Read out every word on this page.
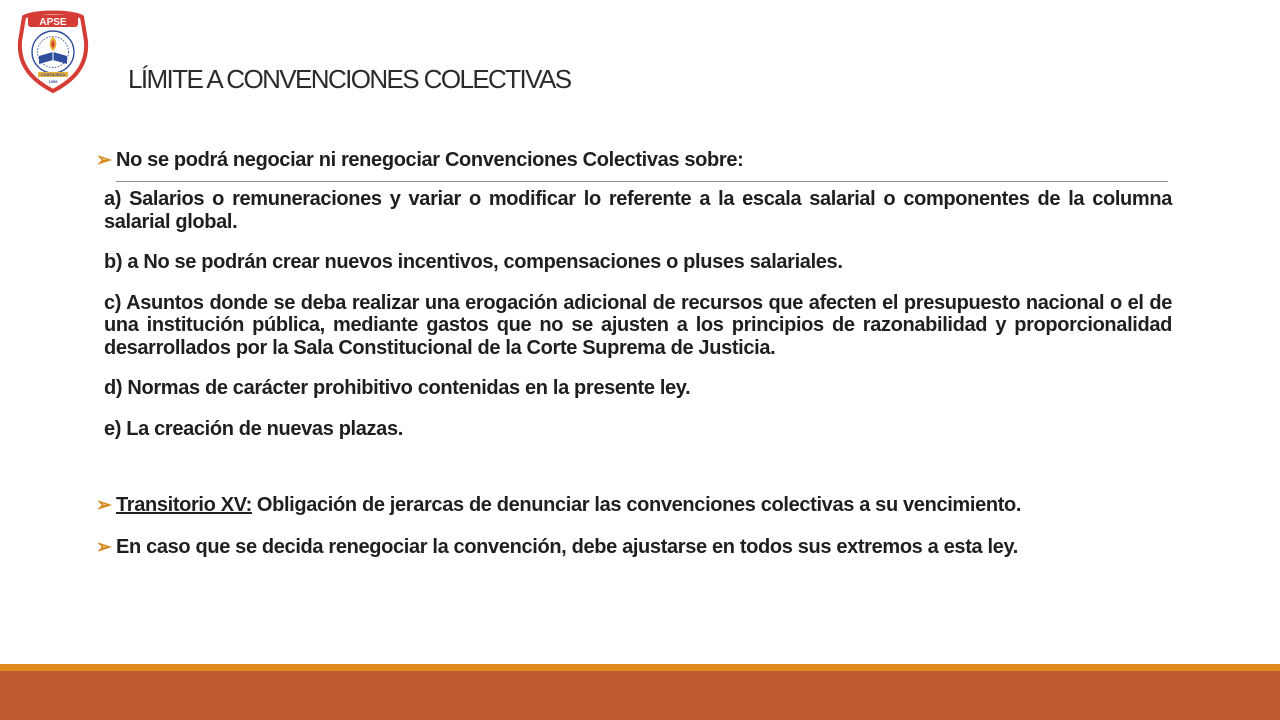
APSE
COSTA RICA
1955	LÍMITE A CONVENCIONES COLECTIVAS
➢ No se podrá negociar ni renegociar Convenciones Colectivas sobre:

a) Salarios o remuneraciones y variar o modificar lo referente a la escala salarial o componentes de la columna salarial global.

b) a No se podrán crear nuevos incentivos, compensaciones o pluses salariales.

c) Asuntos donde se deba realizar una erogación adicional de recursos que afecten el presupuesto nacional o el de una institución pública, mediante gastos que no se ajusten a los principios de razonabilidad y proporcionalidad desarrollados por la Sala Constitucional de la Corte Suprema de Justicia.

d) Normas de carácter prohibitivo contenidas en la presente ley.

e) La creación de nuevas plazas.

➢ Transitorio XV: Obligación de jerarcas de denunciar las convenciones colectivas a su vencimiento.
➢ En caso que se decida renegociar la convención, debe ajustarse en todos sus extremos a esta ley.
